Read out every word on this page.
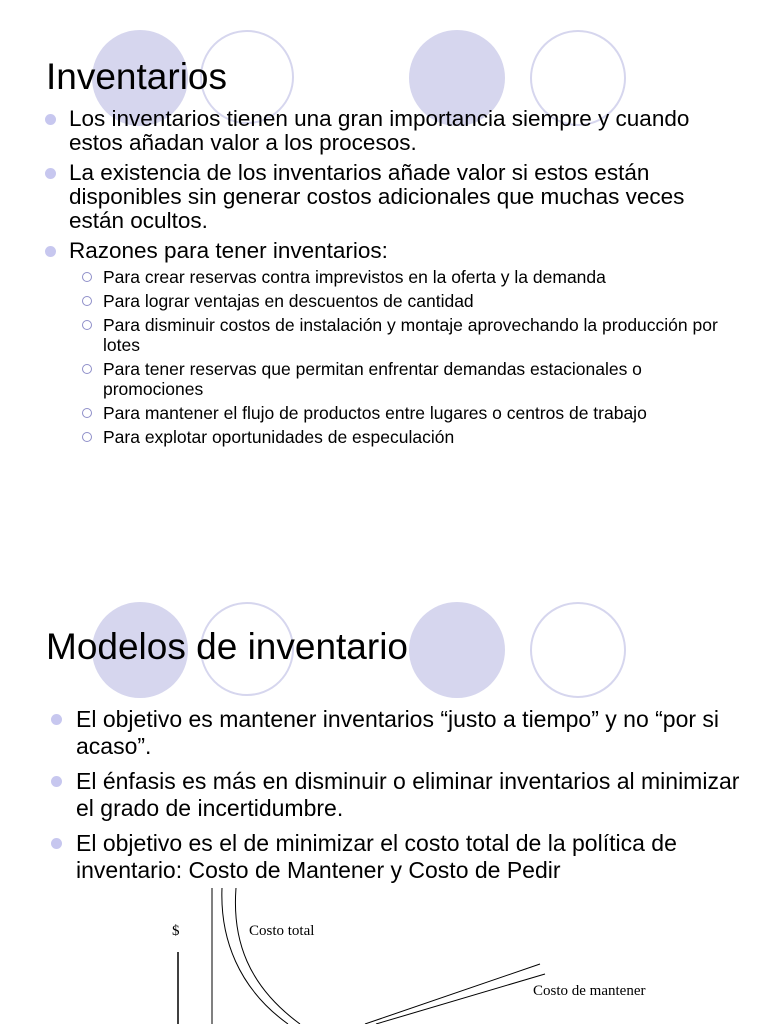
Inventarios
Los inventarios tienen una gran importancia siempre y cuando estos añadan valor a los procesos.
La existencia de los inventarios añade valor si estos están disponibles sin generar costos adicionales que muchas veces están ocultos.
Razones para tener inventarios:
Para crear reservas contra imprevistos en la oferta y la demanda
Para lograr ventajas en descuentos de cantidad
Para disminuir costos de instalación y montaje aprovechando la producción por lotes
Para tener reservas que permitan enfrentar demandas estacionales o promociones
Para mantener el flujo de productos entre lugares o centros de trabajo
Para explotar oportunidades de especulación
Modelos de inventario
El objetivo es mantener inventarios “justo a tiempo” y no “por si acaso”.
El énfasis es más en disminuir o eliminar inventarios al minimizar el grado de incertidumbre.
El objetivo es el de minimizar el costo total de la política de inventario: Costo de Mantener y Costo de Pedir
$	Costo total
Costo de mantener
